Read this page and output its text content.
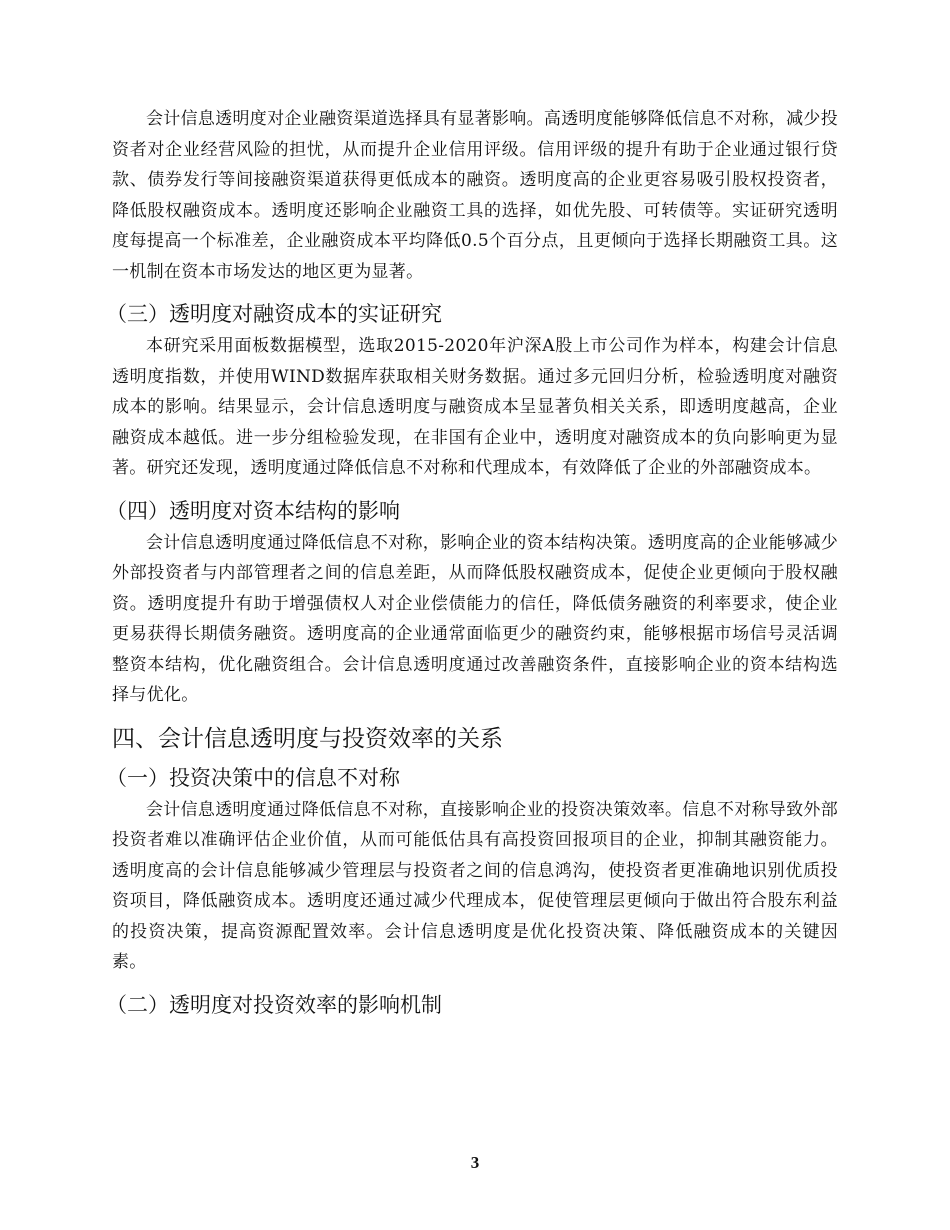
会计信息透明度对企业融资渠道选择具有显著影响。高透明度能够降低信息不对称，减少投资者对企业经营风险的担忧，从而提升企业信用评级。信用评级的提升有助于企业通过银行贷款、债券发行等间接融资渠道获得更低成本的融资。透明度高的企业更容易吸引股权投资者，降低股权融资成本。透明度还影响企业融资工具的选择，如优先股、可转债等。实证研究透明度每提高一个标准差，企业融资成本平均降低0.5个百分点，且更倾向于选择长期融资工具。这一机制在资本市场发达的地区更为显著。

（三）透明度对融资成本的实证研究

本研究采用面板数据模型，选取2015-2020年沪深A股上市公司作为样本，构建会计信息透明度指数，并使用WIND数据库获取相关财务数据。通过多元回归分析，检验透明度对融资成本的影响。结果显示，会计信息透明度与融资成本呈显著负相关关系，即透明度越高，企业融资成本越低。进一步分组检验发现，在非国有企业中，透明度对融资成本的负向影响更为显著。研究还发现，透明度通过降低信息不对称和代理成本，有效降低了企业的外部融资成本。

（四）透明度对资本结构的影响

会计信息透明度通过降低信息不对称，影响企业的资本结构决策。透明度高的企业能够减少外部投资者与内部管理者之间的信息差距，从而降低股权融资成本，促使企业更倾向于股权融资。透明度提升有助于增强债权人对企业偿债能力的信任，降低债务融资的利率要求，使企业更易获得长期债务融资。透明度高的企业通常面临更少的融资约束，能够根据市场信号灵活调整资本结构，优化融资组合。会计信息透明度通过改善融资条件，直接影响企业的资本结构选择与优化。

四、会计信息透明度与投资效率的关系
（一）投资决策中的信息不对称

会计信息透明度通过降低信息不对称，直接影响企业的投资决策效率。信息不对称导致外部投资者难以准确评估企业价值，从而可能低估具有高投资回报项目的企业，抑制其融资能力。透明度高的会计信息能够减少管理层与投资者之间的信息鸿沟，使投资者更准确地识别优质投资项目，降低融资成本。透明度还通过减少代理成本，促使管理层更倾向于做出符合股东利益的投资决策，提高资源配置效率。会计信息透明度是优化投资决策、降低融资成本的关键因素。

（二）透明度对投资效率的影响机制
3
